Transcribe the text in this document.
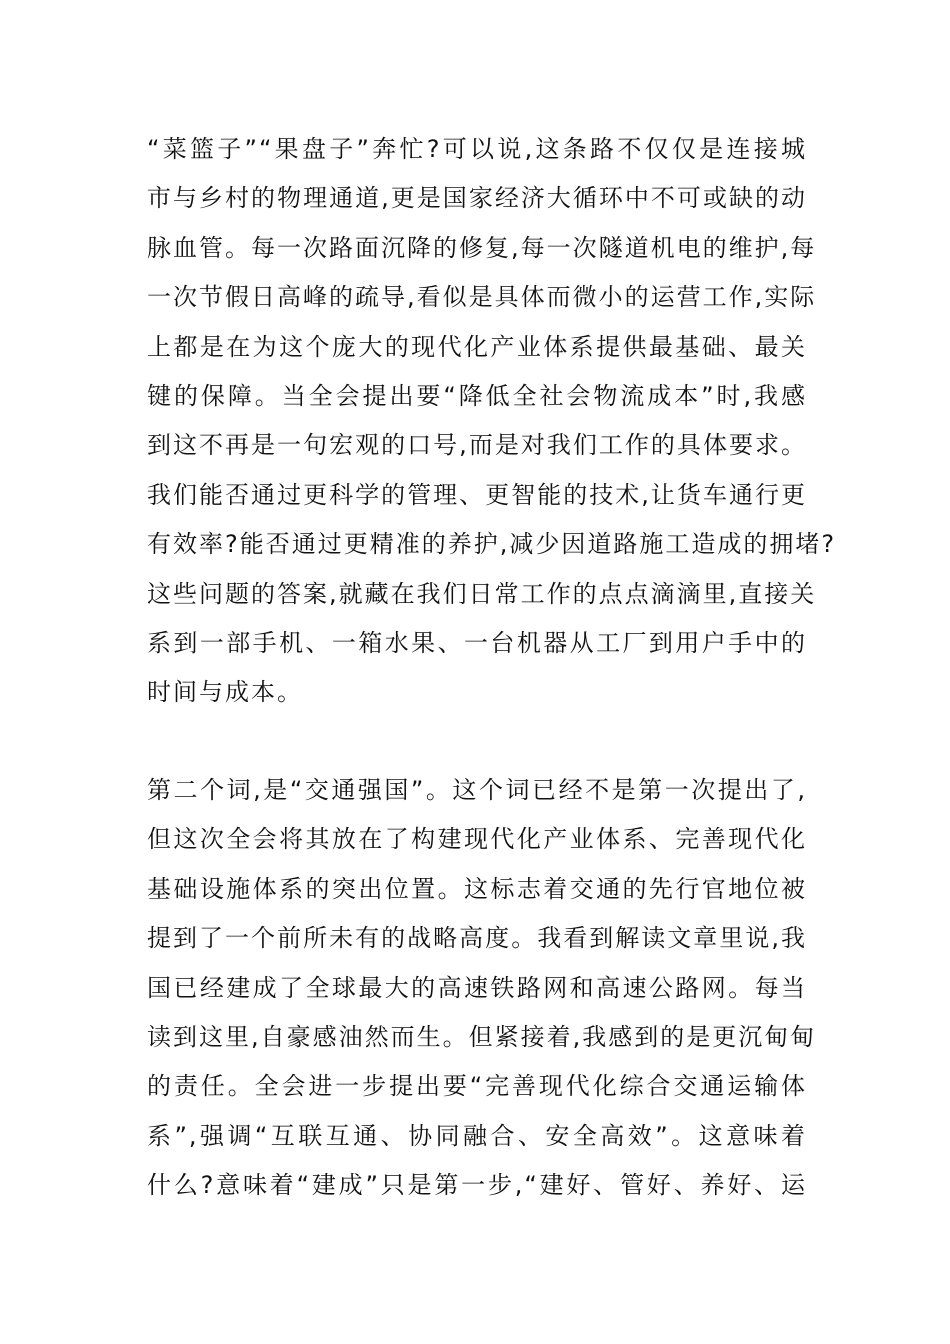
“菜篮子”“果盘子”奔忙?可以说,这条路不仅仅是连接城
市与乡村的物理通道,更是国家经济大循环中不可或缺的动
脉血管。每一次路面沉降的修复,每一次隧道机电的维护,每
一次节假日高峰的疏导,看似是具体而微小的运营工作,实际
上都是在为这个庞大的现代化产业体系提供最基础、最关
键的保障。当全会提出要“降低全社会物流成本”时,我感
到这不再是一句宏观的口号,而是对我们工作的具体要求。
我们能否通过更科学的管理、更智能的技术,让货车通行更
有效率?能否通过更精准的养护,减少因道路施工造成的拥堵?
这些问题的答案,就藏在我们日常工作的点点滴滴里,直接关
系到一部手机、一箱水果、一台机器从工厂到用户手中的
时间与成本。
第二个词,是“交通强国”。这个词已经不是第一次提出了,
但这次全会将其放在了构建现代化产业体系、完善现代化
基础设施体系的突出位置。这标志着交通的先行官地位被
提到了一个前所未有的战略高度。我看到解读文章里说,我
国已经建成了全球最大的高速铁路网和高速公路网。每当
读到这里,自豪感油然而生。但紧接着,我感到的是更沉甸甸
的责任。全会进一步提出要“完善现代化综合交通运输体
系”,强调“互联互通、协同融合、安全高效”。这意味着
什么?意味着“建成”只是第一步,“建好、管好、养好、运
